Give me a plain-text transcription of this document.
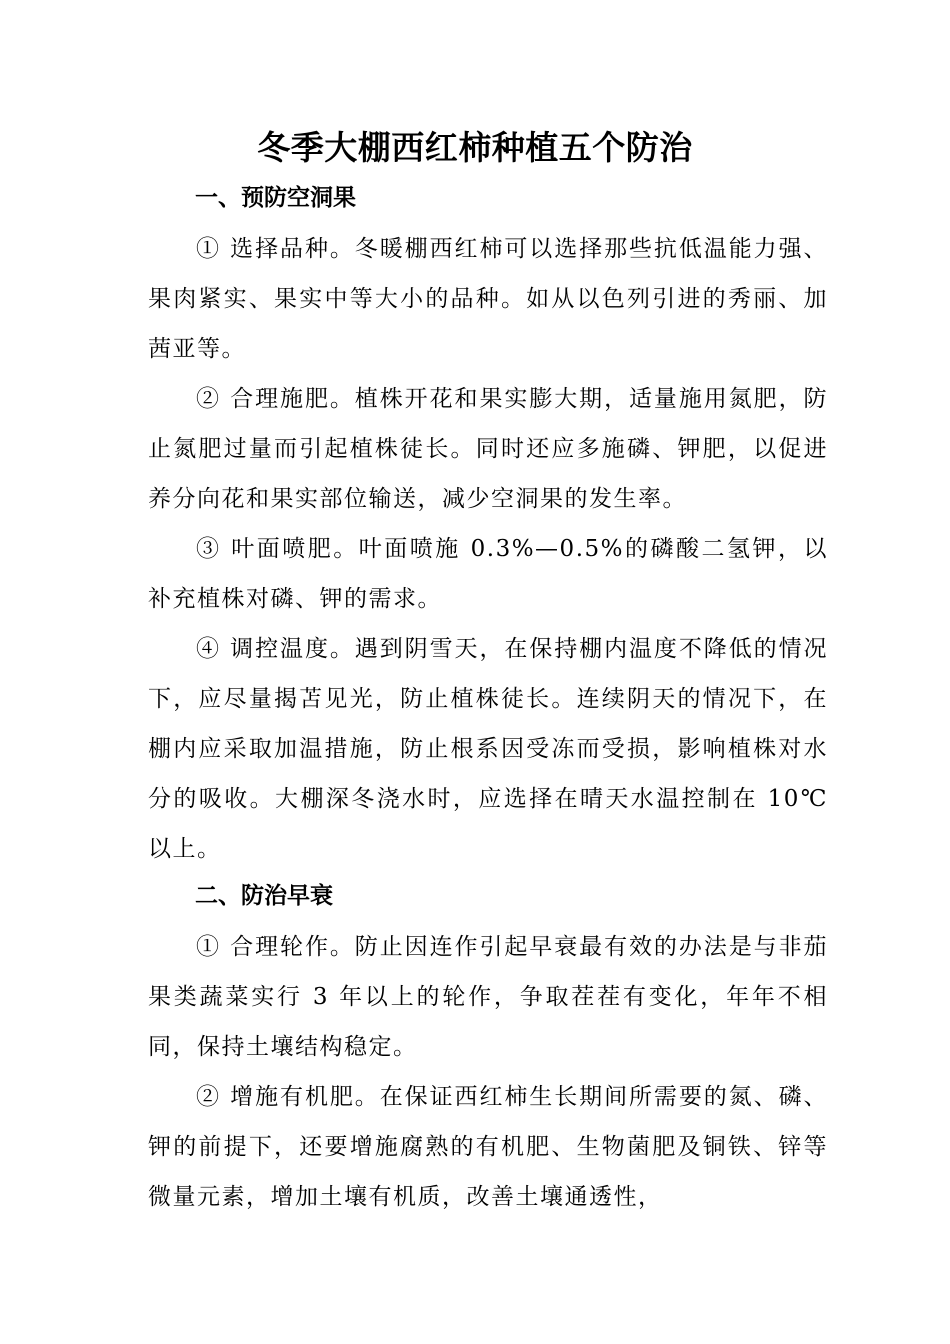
冬季大棚西红柿种植五个防治
一、预防空洞果

① 选择品种。冬暖棚西红柿可以选择那些抗低温能力强、果肉紧实、果实中等大小的品种。如从以色列引进的秀丽、加茜亚等。

② 合理施肥。植株开花和果实膨大期，适量施用氮肥，防止氮肥过量而引起植株徒长。同时还应多施磷、钾肥，以促进养分向花和果实部位输送，减少空洞果的发生率。

③ 叶面喷肥。叶面喷施 0.3%—0.5%的磷酸二氢钾，以补充植株对磷、钾的需求。

④ 调控温度。遇到阴雪天，在保持棚内温度不降低的情况下，应尽量揭苫见光，防止植株徒长。连续阴天的情况下，在棚内应采取加温措施，防止根系因受冻而受损，影响植株对水分的吸收。大棚深冬浇水时，应选择在晴天水温控制在 10℃以上。

二、防治早衰

① 合理轮作。防止因连作引起早衰最有效的办法是与非茄果类蔬菜实行 3 年以上的轮作，争取茬茬有变化，年年不相同，保持土壤结构稳定。

② 增施有机肥。在保证西红柿生长期间所需要的氮、磷、钾的前提下，还要增施腐熟的有机肥、生物菌肥及铜铁、锌等微量元素，增加土壤有机质，改善土壤通透性，
